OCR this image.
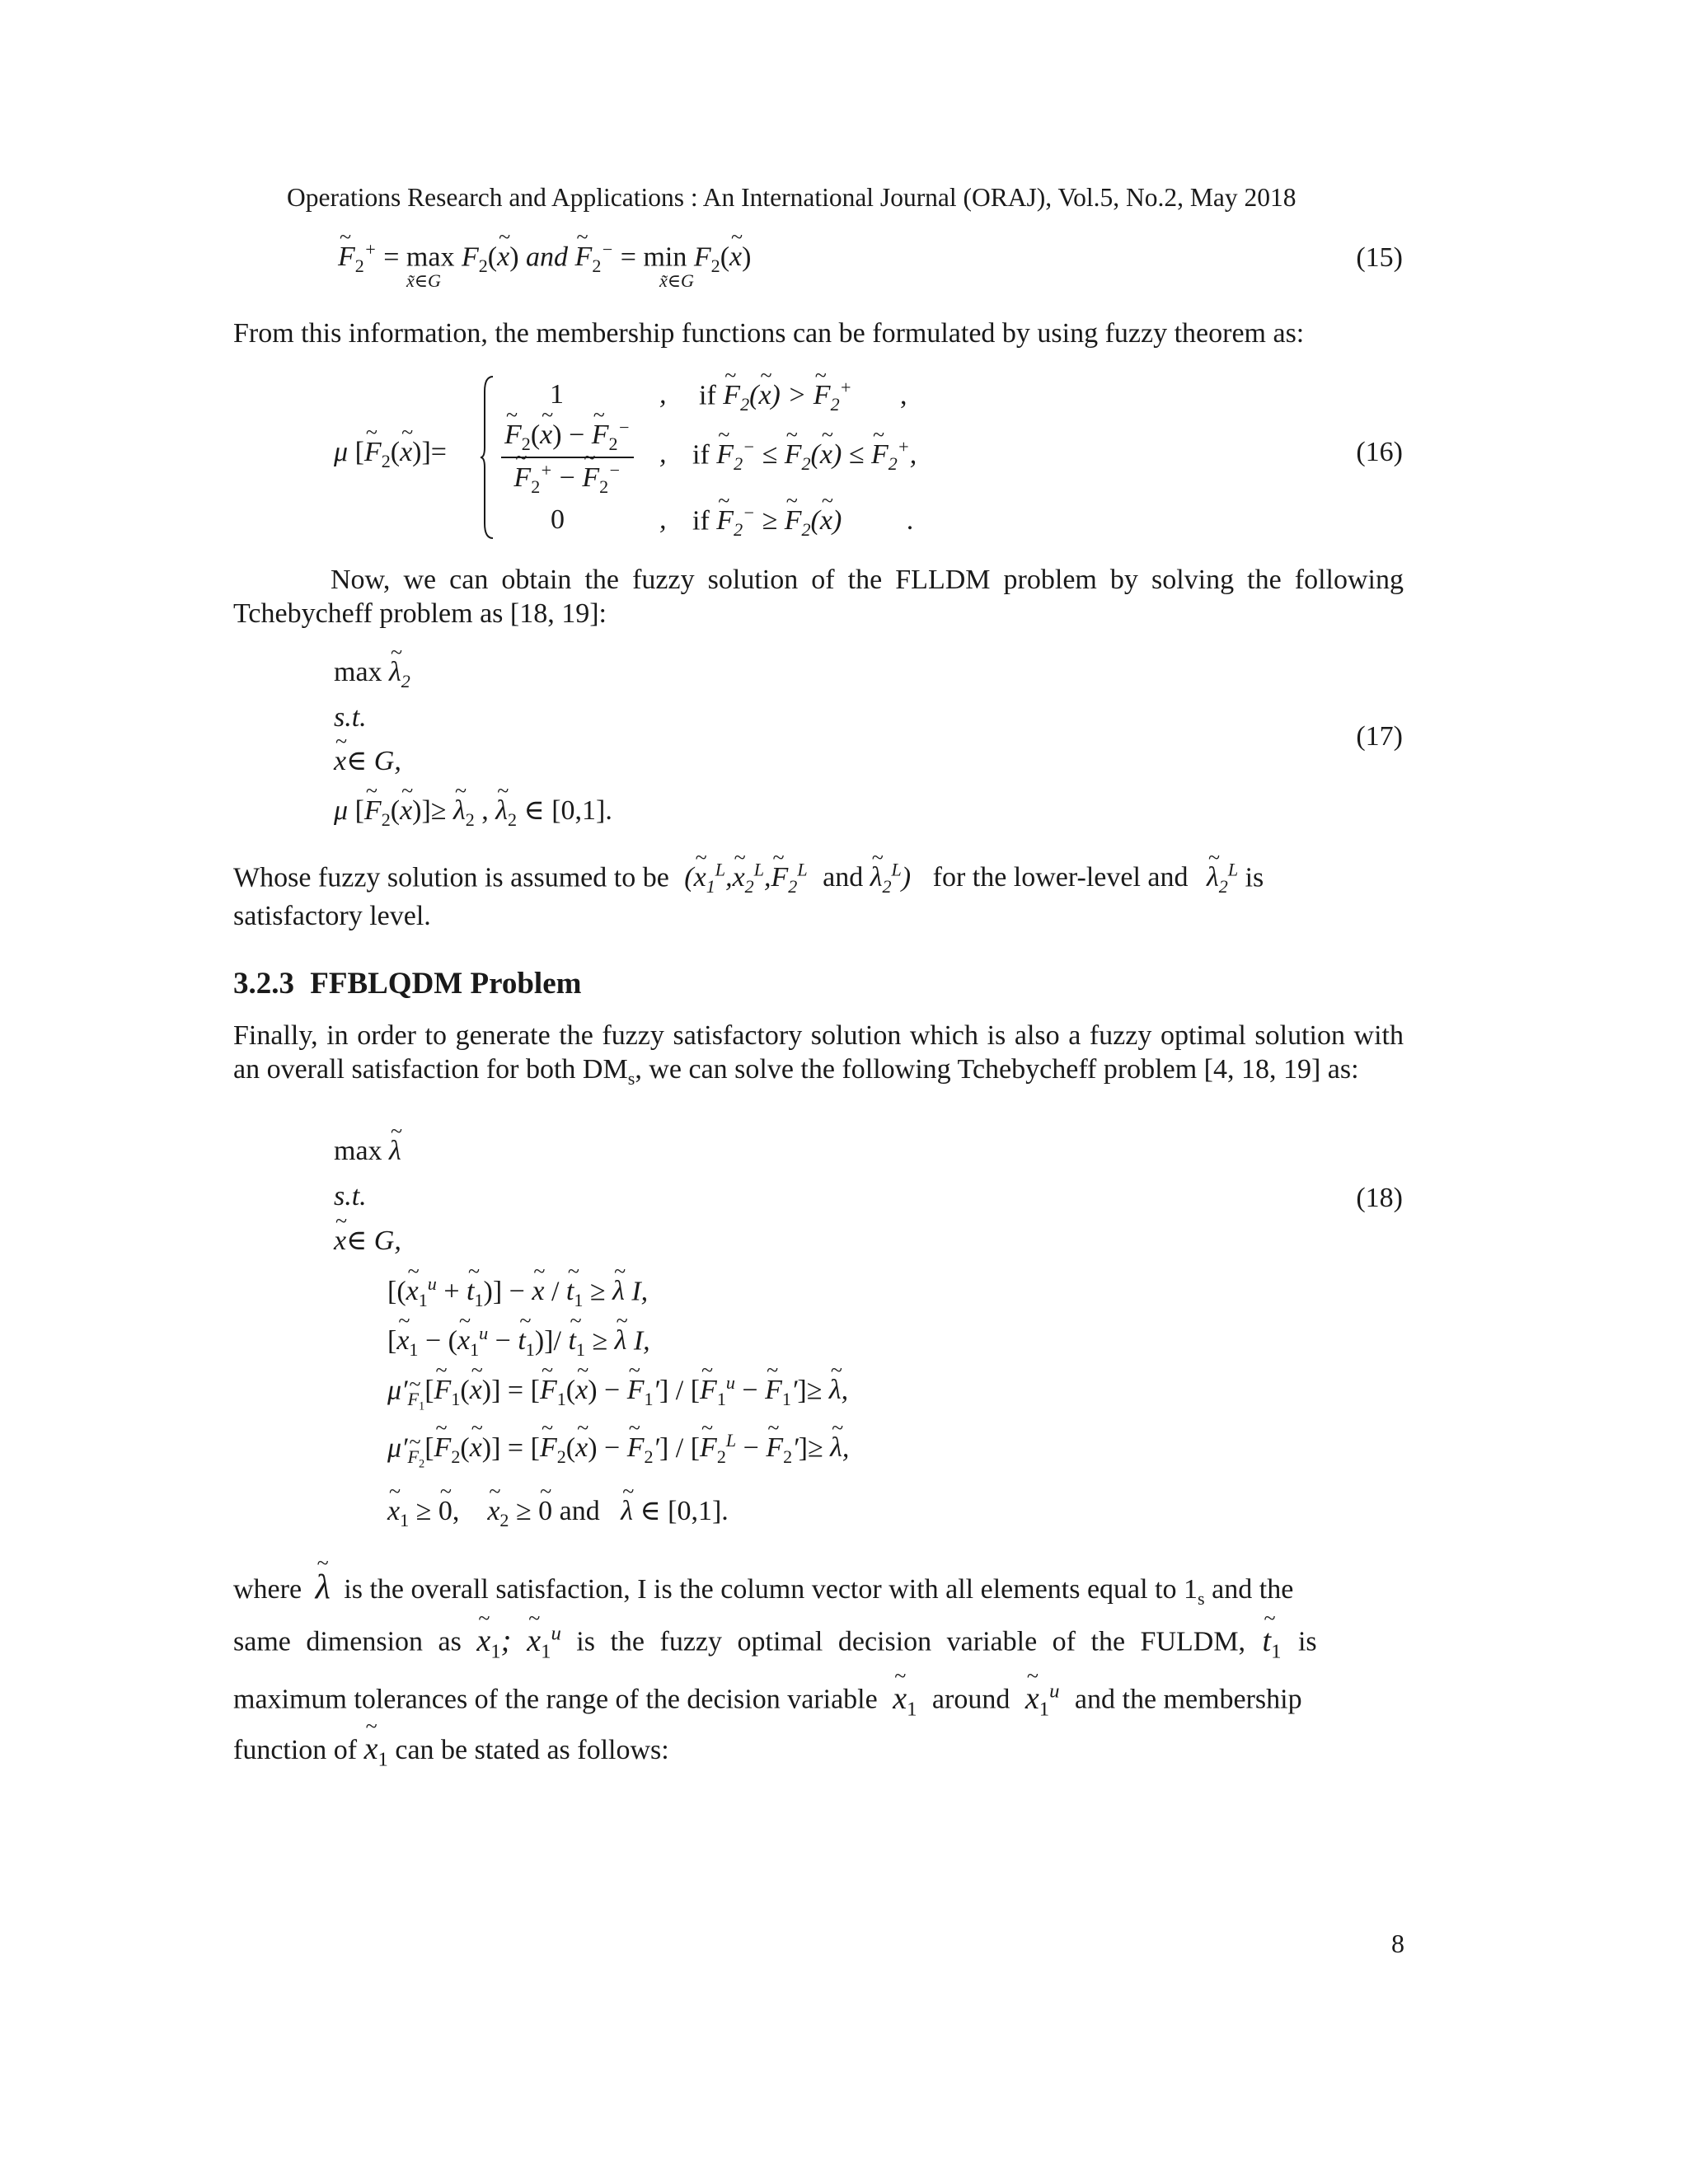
Operations Research and Applications : An International Journal (ORAJ), Vol.5, No.2, May 2018
~ $F_2^+ = \max$ $F_2(\sim$ x) and ~ $F_2^- = \min$ $F_2(\sim$ x)
x̃∈G	x̃∈G
(15)

From this information, the membership functions can be formulated by using fuzzy theorem as:

μ [~ $F_2(\sim$ x)]=
1
~ $F_2(\sim$ x) − ~ $F_2^-$
~ $F_2^+$ − ~ $F_2^-$
0
,
,
,
if ~ $F_2(\sim$ x) > ~ $F_2^+$ ,
if ~ $F_2^-$ ≤ ~ $F_2(\sim$ x) ≤ ~ $F_2^+$,
if ~ $F_2^-$ ≥ ~ $F_2(\sim$ x) .
(16)

Now, we can obtain the fuzzy solution of the FLLDM problem by solving the following Tchebycheff problem as [18, 19]:

max ~ $\lambda_2$
s.t.
~ x∈ G,
μ [~ $F_2(\sim$ x)]≥ ~ $\lambda_2$ , ~ $\lambda_2$ ∈ [0,1].
(17)
Whose fuzzy solution is assumed to be (~ $x_1^L,\sim$ $x_2^L,\sim$ $F_2^L$ and ~ $\lambda_2^L$) for the lower-level and ~ $\lambda_2^L$ is
satisfactory level.
3.2.3 FFBLQDM Problem

Finally, in order to generate the fuzzy satisfactory solution which is also a fuzzy optimal solution with an overall satisfaction for both $DM_s$, we can solve the following Tchebycheff problem [4, 18, 19] as:

max ~ λ
s.t.
~ x∈ G,
[(~ $x_1^u$ + ~ $t_1$)] − ~ x / ~ $t_1$ ≥ ~ λ I,
[~ $x_1$ − (~ $x_1^u$ − ~ $t_1)]/$ ~ $t_1$ ≥ ~ λ I,
μ′~ $_{F_1}$[~ $F_1(\sim$ x)] = [~ $F_1(\sim$ x) − ~ $F_1'$] / [~ $F_1^u$ − ~ $F_1']\ge$ ~ λ,
μ′~ $_{F_2}$[~ $F_2(\sim$ x)] = [~ $F_2(\sim$ x) − ~ $F_2'$] / [~ $F_2^L$ − ~ $F_2']\ge$ ~ λ,
~ $x_1$ ≥ ~ 0,    ~ $x_2$ ≥ ~ 0 and ~ λ ∈ [0,1].
(18)
where ~ λ is the overall satisfaction, I is the column vector with all elements equal to $1_s$ and the
same dimension as ~ $x_1$;  ~ $x_1^u$ is the fuzzy optimal decision variable of the FULDM, ~ $t_1$ is
maximum tolerances of the range of the decision variable ~ $x_1$ around ~ $x_1^u$ and the membership
function of ~ $x_1$ can be stated as follows:
8
